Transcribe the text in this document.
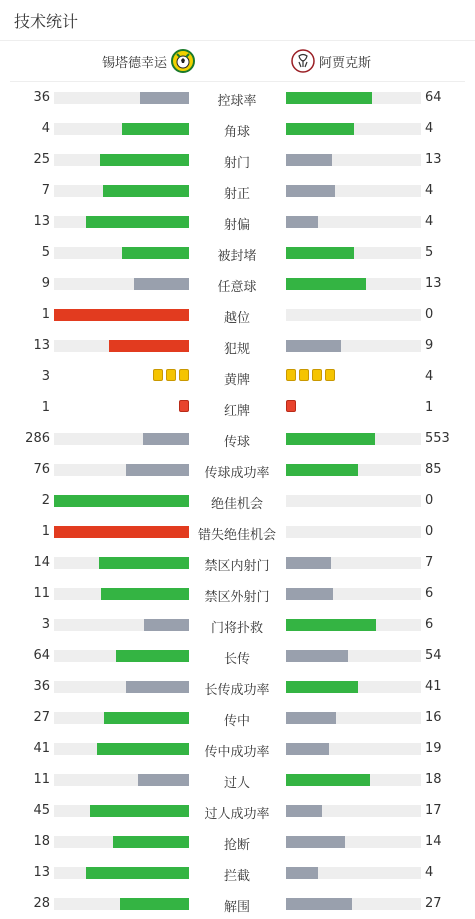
技术统计
锡塔德幸运	阿贾克斯
36	控球率	64
4	角球	4
25	射门	13
7	射正	4
13	射偏	4
5	被封堵	5
9	任意球	13
1	越位	0
13	犯规	9
3	黄牌	4
1	红牌	1
286	传球	553
76	传球成功率	85
2	绝佳机会	0
1	错失绝佳机会	0
14	禁区内射门	7
11	禁区外射门	6
3	门将扑救	6
64	长传	54
36	长传成功率	41
27	传中	16
41	传中成功率	19
11	过人	18
45	过人成功率	17
18	抢断	14
13	拦截	4
28	解围	27
